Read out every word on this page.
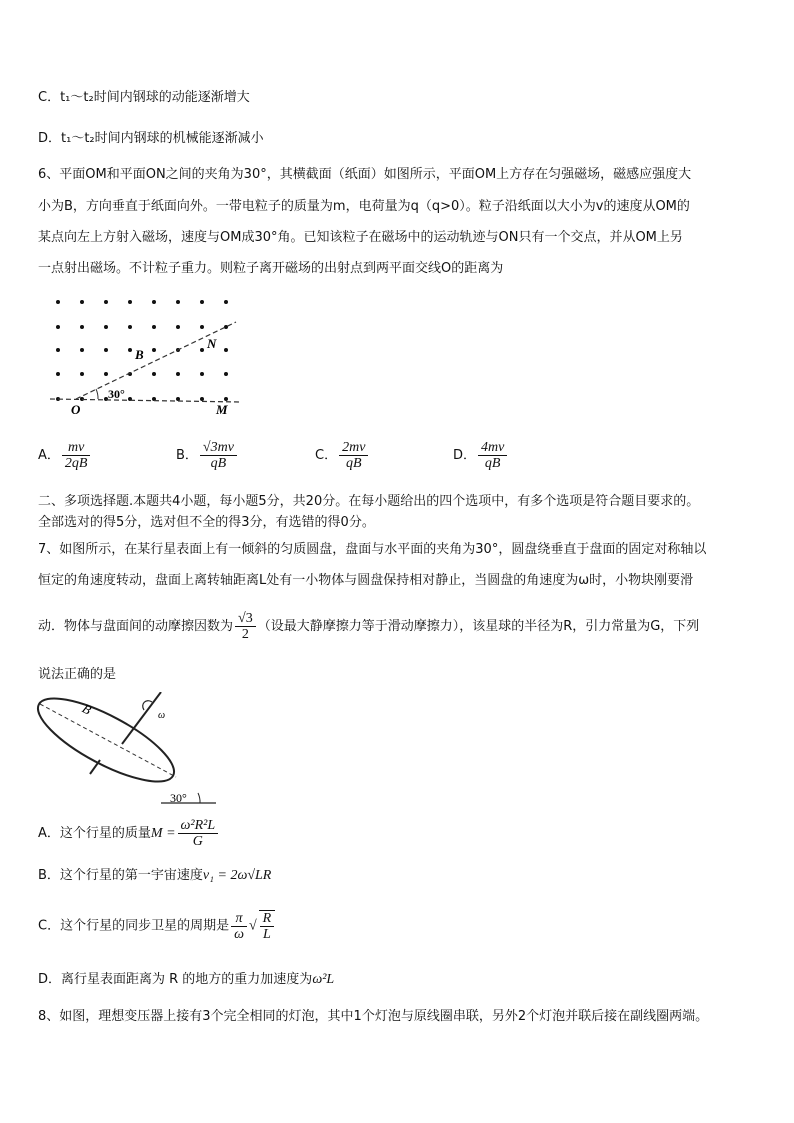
C．t₁～t₂时间内钢球的动能逐渐增大
D．t₁～t₂时间内钢球的机械能逐渐减小
6、平面OM和平面ON之间的夹角为30°，其横截面（纸面）如图所示，平面OM上方存在匀强磁场，磁感应强度大
小为B，方向垂直于纸面向外。一带电粒子的质量为m，电荷量为q（q>0）。粒子沿纸面以大小为v的速度从OM的
某点向左上方射入磁场，速度与OM成30°角。已知该粒子在磁场中的运动轨迹与ON只有一个交点，并从OM上另
一点射出磁场。不计粒子重力。则粒子离开磁场的出射点到两平面交线O的距离为
O	M
N
B
30°
A． $\frac{mv}{2qB}$	B． $\frac{√3mv}{qB}$	C． $\frac{2mv}{qB}$	D． $\frac{4mv}{qB}$
二、多项选择题.本题共4小题，每小题5分，共20分。在每小题给出的四个选项中，有多个选项是符合题目要求的。
全部选对的得5分，选对但不全的得3分，有选错的得0分。
7、如图所示，在某行星表面上有一倾斜的匀质圆盘，盘面与水平面的夹角为30°，圆盘绕垂直于盘面的固定对称轴以
恒定的角速度转动，盘面上离转轴距离L处有一小物体与圆盘保持相对静止，当圆盘的角速度为ω时，小物块刚要滑
动．物体与盘面间的动摩擦因数为 $\frac{√3}{2}$ （设最大静摩擦力等于滑动摩擦力），该星球的半径为R，引力常量为G，下列
说法正确的是
ω
B
30°
A．这个行星的质量$M = \frac{\text{ω²R²L}}{G}$
B．这个行星的第一宇宙速度v₁ = 2ω√LR
C．这个行星的同步卫星的周期是 $\frac{\pi}{\omega}$ √ $\frac{R}{L}$
D．离行星表面距离为 R 的地方的重力加速度为ω²L
8、如图，理想变压器上接有3个完全相同的灯泡，其中1个灯泡与原线圈串联，另外2个灯泡并联后接在副线圈两端。
